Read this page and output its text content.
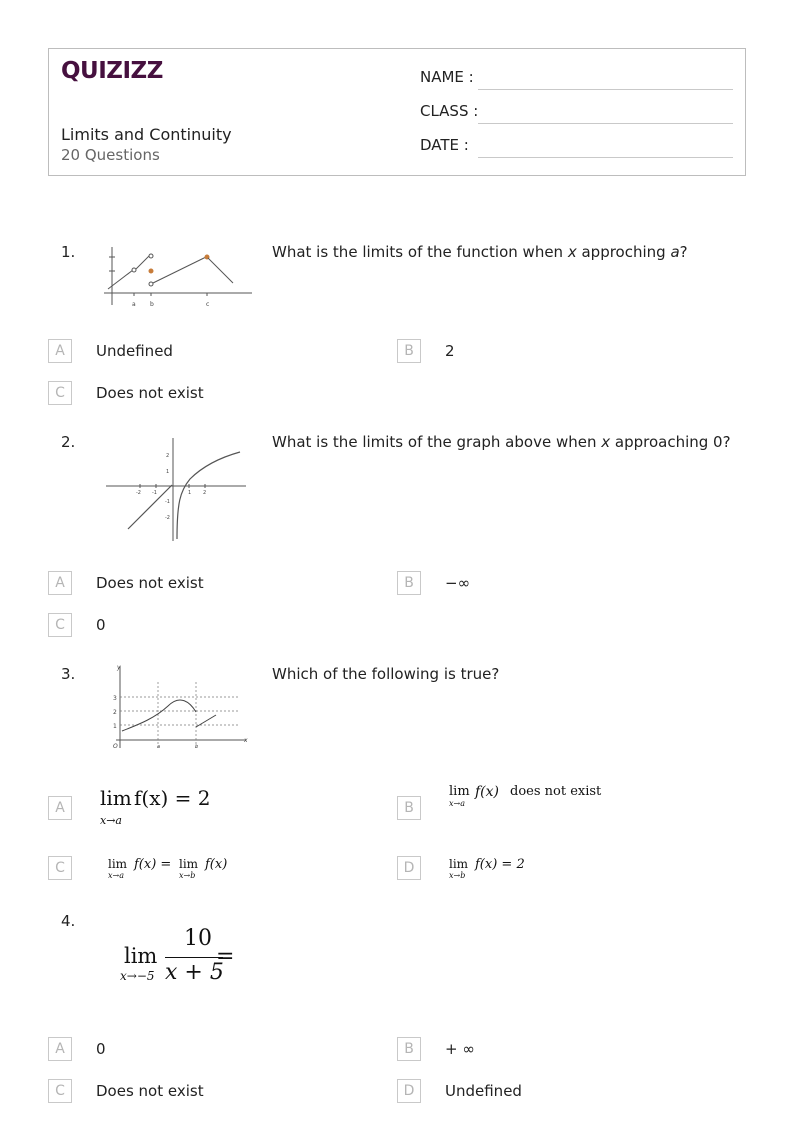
QUIZIZZ
Limits and Continuity
20 Questions
NAME :
CLASS :
DATE :
1.
a b	c
What is the limits of the function when x approching a?
A	Undefined	B	2
C	Does not exist
2.
-2 -1	1 2
2
1
-1
-2
What is the limits of the graph above when x approaching 0?
A	Does not exist	B	−∞
C	0
3.	y
x
O
3
2
1
a	b
Which of the following is true?
A	lim
x→a
f(x) = 2	B
lim
x→a
f(x) does not exist
C	lim
x→a
f(x) = lim
x→b
f(x)	D	lim
x→b
f(x) = 2
4.
lim
x→−5
10
x + 5
=
A	0	B	+ ∞
C	Does not exist	D	Undefined
